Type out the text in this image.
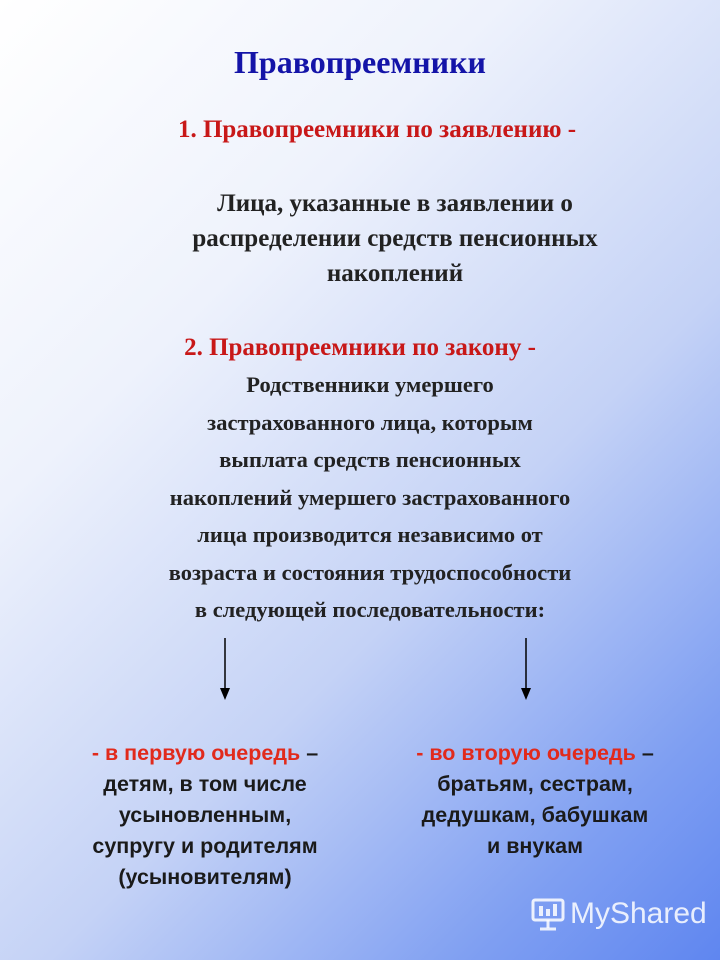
Правопреемники
1. Правопреемники по заявлению -
Лица, указанные в заявлении о
распределении средств пенсионных
накоплений
2. Правопреемники по закону -
Родственники умершего
застрахованного лица, которым
выплата средств пенсионных
накоплений умершего застрахованного
лица производится независимо от
возраста и состояния трудоспособности
в следующей последовательности:
- в первую очередь –
детям, в том числе
усыновленным,
супругу и родителям
(усыновителям)
- во вторую очередь –
братьям, сестрам,
дедушкам, бабушкам
и внукам
MyShared
